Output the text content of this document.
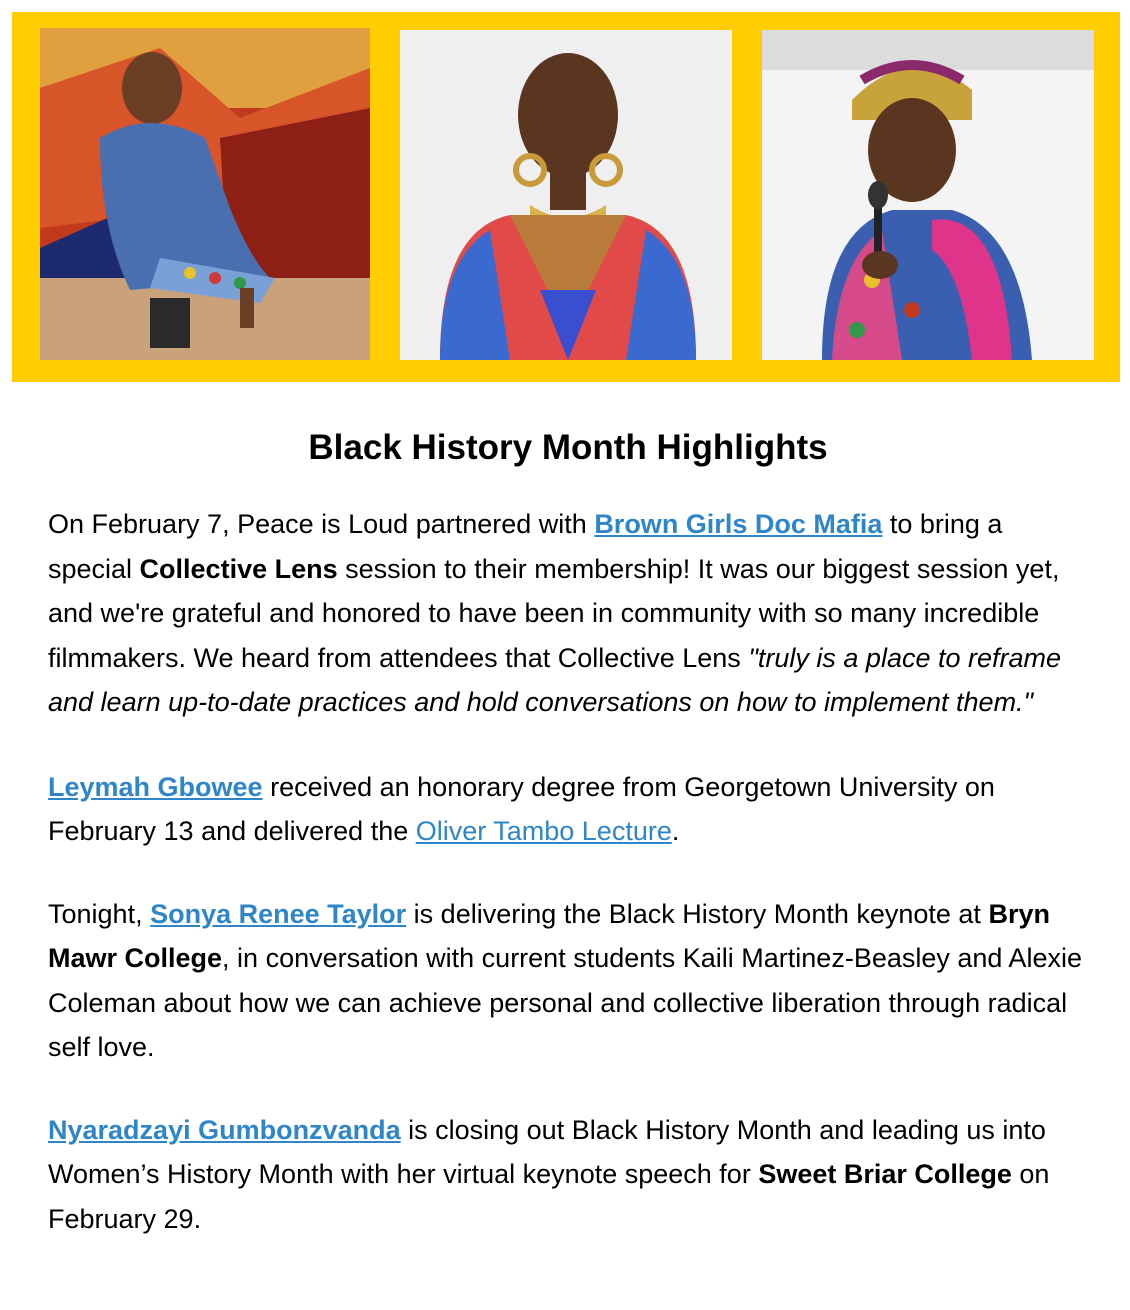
Black History Month Highlights

On February 7, Peace is Loud partnered with Brown Girls Doc Mafia to bring a special Collective Lens session to their membership! It was our biggest session yet, and we're grateful and honored to have been in community with so many incredible filmmakers. We heard from attendees that Collective Lens "truly is a place to reframe and learn up-to-date practices and hold conversations on how to implement them."

Leymah Gbowee received an honorary degree from Georgetown University on February 13 and delivered the Oliver Tambo Lecture.

Tonight, Sonya Renee Taylor is delivering the Black History Month keynote at Bryn Mawr College, in conversation with current students Kaili Martinez-Beasley and Alexie Coleman about how we can achieve personal and collective liberation through radical self love.

Nyaradzayi Gumbonzvanda is closing out Black History Month and leading us into Women’s History Month with her virtual keynote speech for Sweet Briar College on February 29.
